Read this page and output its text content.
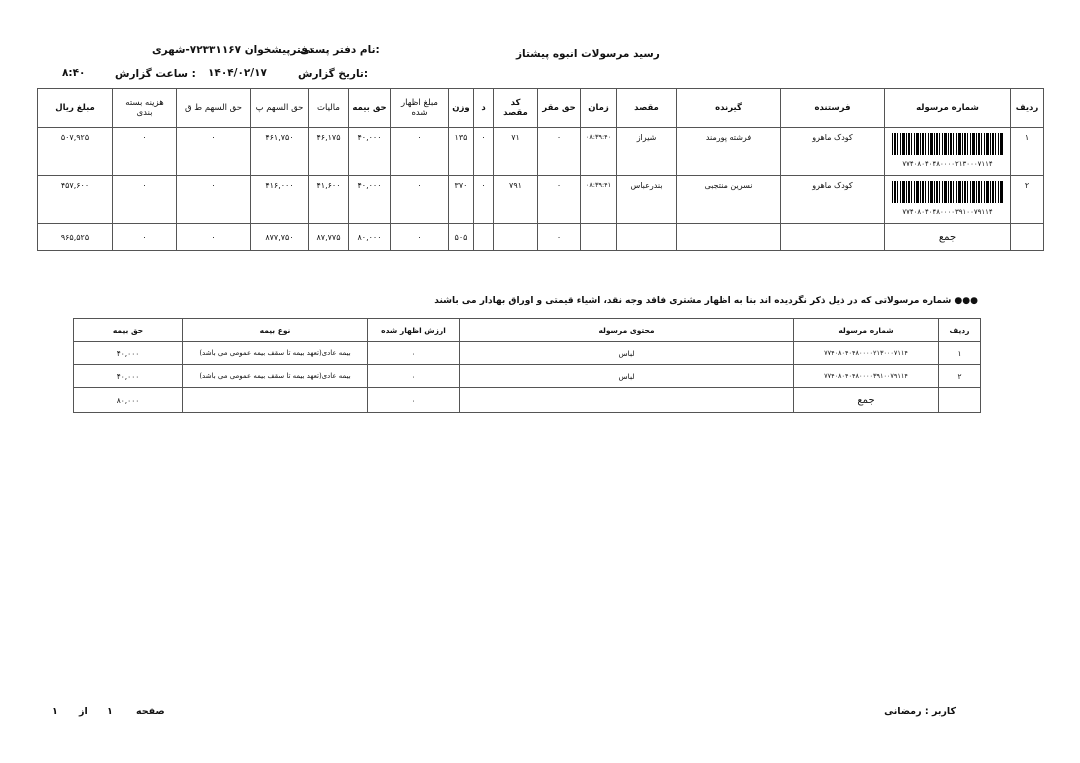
رسید مرسولات انبوه پیشتاز
نام دفتر پستی:
دفترپیشخوان ۷۲۳۳۱۱۶۷-شهری
تاریخ گزارش:
۱۴۰۴/۰۲/۱۷
ساعت گزارش :
۸:۴۰
ردیف	شماره مرسوله	فرستنده	گیرنده	مقصد	زمان	حق مقر	کد مقصد	د	وزن	مبلغ اظهار شده	حق بیمه	مالیات	حق السهم پ	حق السهم ط ق	هزینه بسته بندی	مبلغ ریال
۱	۷۷۴۰۸۰۴۰۴۸۰۰۰۰۲۱۳۰۰۰۷۱۱۴	کودک ماهرو	فرشته پورمند	شیراز	۰۸:۳۹:۴۰	۰	۷۱	۰	۱۳۵	۰	۴۰,۰۰۰	۴۶,۱۷۵	۴۶۱,۷۵۰	۰	۰	۵۰۷,۹۲۵
۲	۷۷۴۰۸۰۴۰۴۸۰۰۰۰۳۹۱۰۰۷۹۱۱۴	کودک ماهرو	نسرین منتجبی	بندرعباس	۰۸:۳۹:۴۱	۰	۷۹۱	۰	۳۷۰	۰	۴۰,۰۰۰	۴۱,۶۰۰	۴۱۶,۰۰۰	۰	۰	۴۵۷,۶۰۰
	جمع					۰			۵۰۵	۰	۸۰,۰۰۰	۸۷,۷۷۵	۸۷۷,۷۵۰	۰	۰	۹۶۵,۵۲۵
●●● شماره مرسولاتی که در ذیل ذکر نگردیده اند بنا به اظهار مشتری فاقد وجه نقد، اشیاء قیمتی و اوراق بهادار می باشند
ردیف	شماره مرسوله	محتوی مرسوله	ارزش اظهار شده	نوع بیمه	حق بیمه
۱	۷۷۴۰۸۰۴۰۴۸۰۰۰۰۲۱۳۰۰۰۷۱۱۴	لباس	۰	بیمه عادی(تعهد بیمه تا سقف بیمه عمومی می باشد)	۴۰,۰۰۰
۲	۷۷۴۰۸۰۴۰۴۸۰۰۰۰۳۹۱۰۰۷۹۱۱۴	لباس	۰	بیمه عادی(تعهد بیمه تا سقف بیمه عمومی می باشد)	۴۰,۰۰۰
	جمع		۰		۸۰,۰۰۰
کاربر : رمضانی
صفحه
۱
از
۱
